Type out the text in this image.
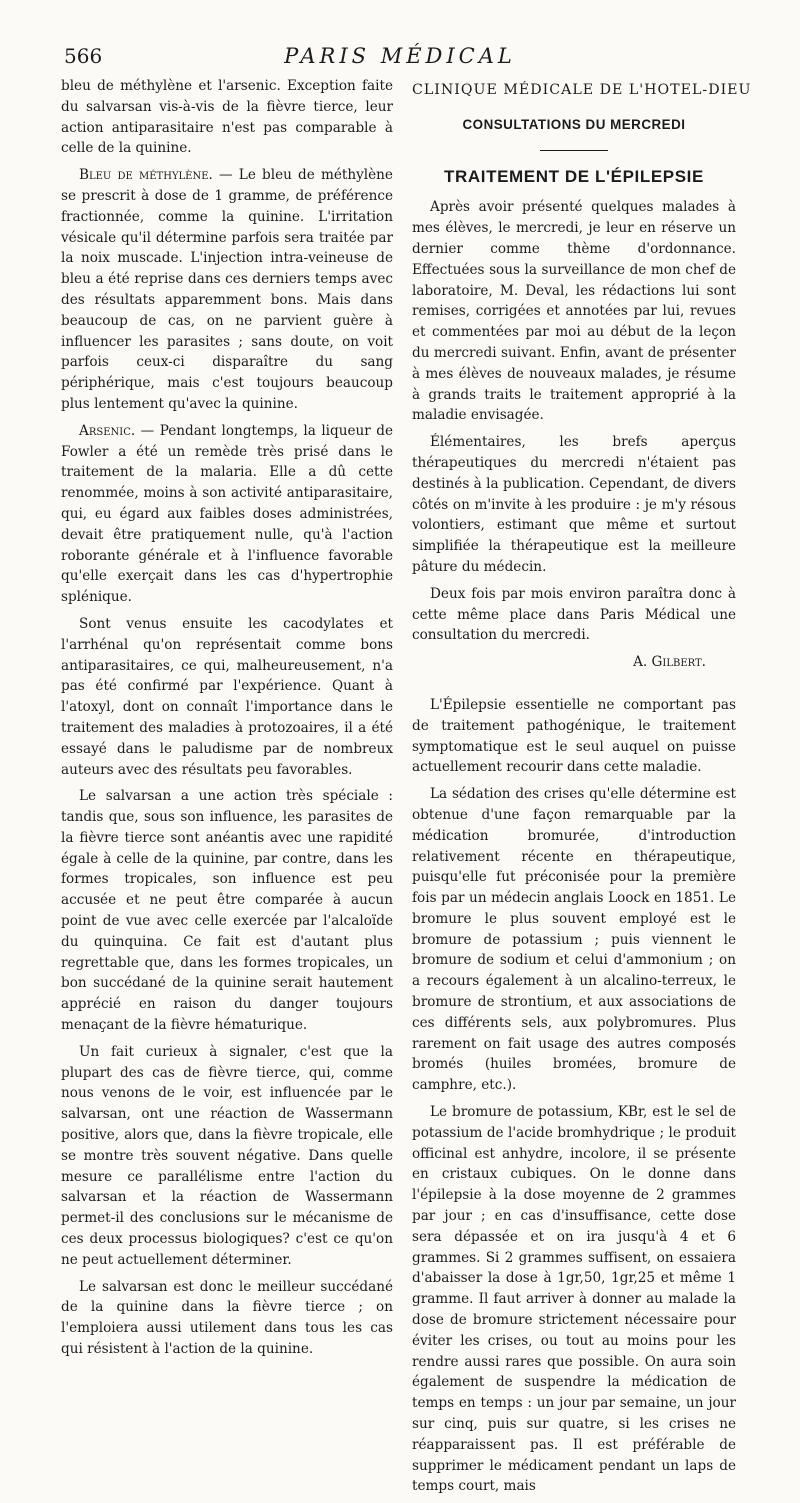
566	PARIS MÉDICAL

bleu de méthylène et l'arsenic. Exception faite du salvarsan vis-à-vis de la fièvre tierce, leur action antiparasitaire n'est pas comparable à celle de la quinine.

Bleu de méthylène. — Le bleu de méthylène se prescrit à dose de 1 gramme, de préférence fractionnée, comme la quinine. L'irritation vésicale qu'il détermine parfois sera traitée par la noix muscade. L'injection intra-veineuse de bleu a été reprise dans ces derniers temps avec des résultats apparemment bons. Mais dans beaucoup de cas, on ne parvient guère à influencer les parasites ; sans doute, on voit parfois ceux-ci disparaître du sang périphérique, mais c'est toujours beaucoup plus lentement qu'avec la quinine.

Arsenic. — Pendant longtemps, la liqueur de Fowler a été un remède très prisé dans le traitement de la malaria. Elle a dû cette renommée, moins à son activité antiparasitaire, qui, eu égard aux faibles doses administrées, devait être pratiquement nulle, qu'à l'action roborante générale et à l'influence favorable qu'elle exerçait dans les cas d'hypertrophie splénique.

Sont venus ensuite les cacodylates et l'arrhénal qu'on représentait comme bons antiparasitaires, ce qui, malheureusement, n'a pas été confirmé par l'expérience. Quant à l'atoxyl, dont on connaît l'importance dans le traitement des maladies à protozoaires, il a été essayé dans le paludisme par de nombreux auteurs avec des résultats peu favorables.

Le salvarsan a une action très spéciale : tandis que, sous son influence, les parasites de la fièvre tierce sont anéantis avec une rapidité égale à celle de la quinine, par contre, dans les formes tropicales, son influence est peu accusée et ne peut être comparée à aucun point de vue avec celle exercée par l'alcaloïde du quinquina. Ce fait est d'autant plus regrettable que, dans les formes tropicales, un bon succédané de la quinine serait hautement apprécié en raison du danger toujours menaçant de la fièvre hématurique.

Un fait curieux à signaler, c'est que la plupart des cas de fièvre tierce, qui, comme nous venons de le voir, est influencée par le salvarsan, ont une réaction de Wassermann positive, alors que, dans la fièvre tropicale, elle se montre très souvent négative. Dans quelle mesure ce parallélisme entre l'action du salvarsan et la réaction de Wassermann permet-il des conclusions sur le mécanisme de ces deux processus biologiques? c'est ce qu'on ne peut actuellement déterminer.

Le salvarsan est donc le meilleur succédané de la quinine dans la fièvre tierce ; on l'emploiera aussi utilement dans tous les cas qui résistent à l'action de la quinine.

CLINIQUE MÉDICALE DE L'HOTEL-DIEU
CONSULTATIONS DU MERCREDI
TRAITEMENT DE L'ÉPILEPSIE

Après avoir présenté quelques malades à mes élèves, le mercredi, je leur en réserve un dernier comme thème d'ordonnance. Effectuées sous la surveillance de mon chef de laboratoire, M. Deval, les rédactions lui sont remises, corrigées et annotées par lui, revues et commentées par moi au début de la leçon du mercredi suivant. Enfin, avant de présenter à mes élèves de nouveaux malades, je résume à grands traits le traitement approprié à la maladie envisagée.

Élémentaires, les brefs aperçus thérapeutiques du mercredi n'étaient pas destinés à la publication. Cependant, de divers côtés on m'invite à les produire : je m'y résous volontiers, estimant que même et surtout simplifiée la thérapeutique est la meilleure pâture du médecin.

Deux fois par mois environ paraîtra donc à cette même place dans Paris Médical une consultation du mercredi.

A. Gilbert.

L'Épilepsie essentielle ne comportant pas de traitement pathogénique, le traitement symptomatique est le seul auquel on puisse actuellement recourir dans cette maladie.

La sédation des crises qu'elle détermine est obtenue d'une façon remarquable par la médication bromurée, d'introduction relativement récente en thérapeutique, puisqu'elle fut préconisée pour la première fois par un médecin anglais Loock en 1851. Le bromure le plus souvent employé est le bromure de potassium ; puis viennent le bromure de sodium et celui d'ammonium ; on a recours également à un alcalino-terreux, le bromure de strontium, et aux associations de ces différents sels, aux polybromures. Plus rarement on fait usage des autres composés bromés (huiles bromées, bromure de camphre, etc.).

Le bromure de potassium, KBr, est le sel de potassium de l'acide bromhydrique ; le produit officinal est anhydre, incolore, il se présente en cristaux cubiques. On le donne dans l'épilepsie à la dose moyenne de 2 grammes par jour ; en cas d'insuffisance, cette dose sera dépassée et on ira jusqu'à 4 et 6 grammes. Si 2 grammes suffisent, on essaiera d'abaisser la dose à 1gr,50, 1gr,25 et même 1 gramme. Il faut arriver à donner au malade la dose de bromure strictement nécessaire pour éviter les crises, ou tout au moins pour les rendre aussi rares que possible. On aura soin également de suspendre la médication de temps en temps : un jour par semaine, un jour sur cinq, puis sur quatre, si les crises ne réapparaissent pas. Il est préférable de supprimer le médicament pendant un laps de temps court, mais
